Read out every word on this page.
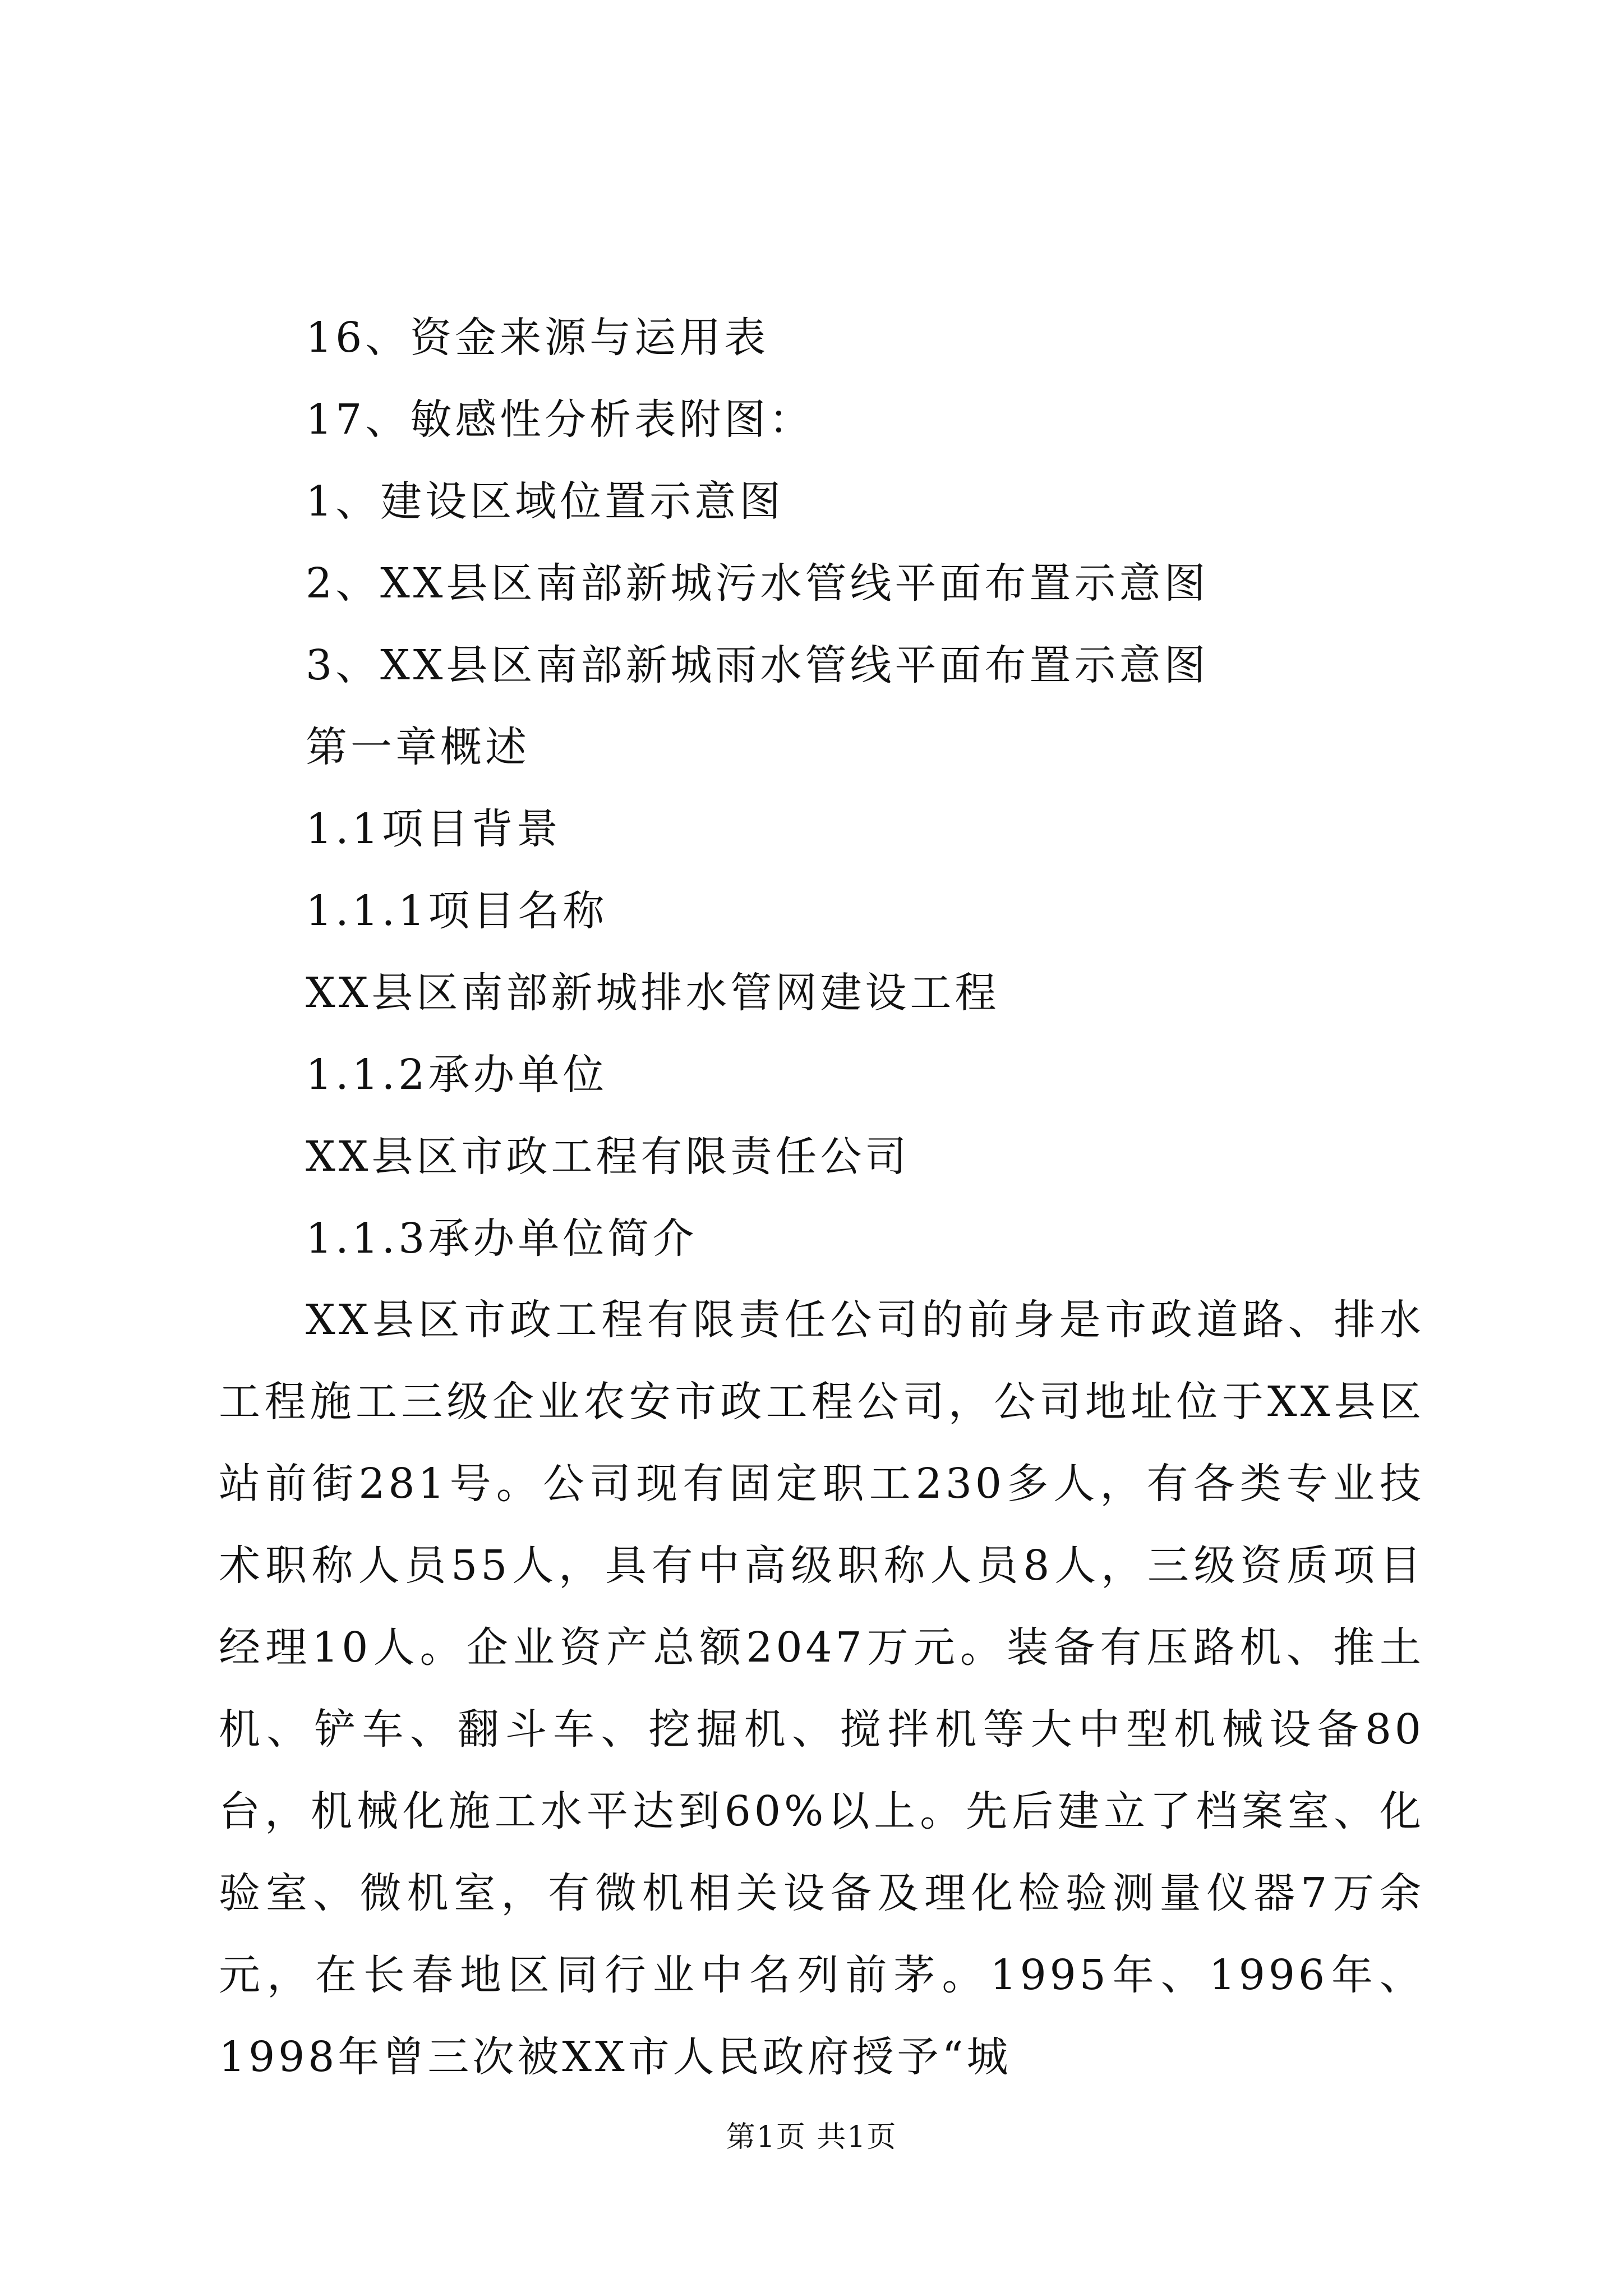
16、资金来源与运用表
17、敏感性分析表附图：
1、建设区域位置示意图
2、XX县区南部新城污水管线平面布置示意图
3、XX县区南部新城雨水管线平面布置示意图
第一章概述
1.1项目背景
1.1.1项目名称
XX县区南部新城排水管网建设工程
1.1.2承办单位
XX县区市政工程有限责任公司
1.1.3承办单位简介
XX县区市政工程有限责任公司的前身是市政道路、排水工程施工三级企业农安市政工程公司，公司地址位于XX县区站前街281号。公司现有固定职工230多人，有各类专业技术职称人员55人，具有中高级职称人员8人，三级资质项目经理10人。企业资产总额2047万元。装备有压路机、推土机、铲车、翻斗车、挖掘机、搅拌机等大中型机械设备80台，机械化施工水平达到60%以上。先后建立了档案室、化验室、微机室，有微机相关设备及理化检验测量仪器7万余元，在长春地区同行业中名列前茅。1995年、1996年、1998年曾三次被XX市人民政府授予“城
第1页 共1页
